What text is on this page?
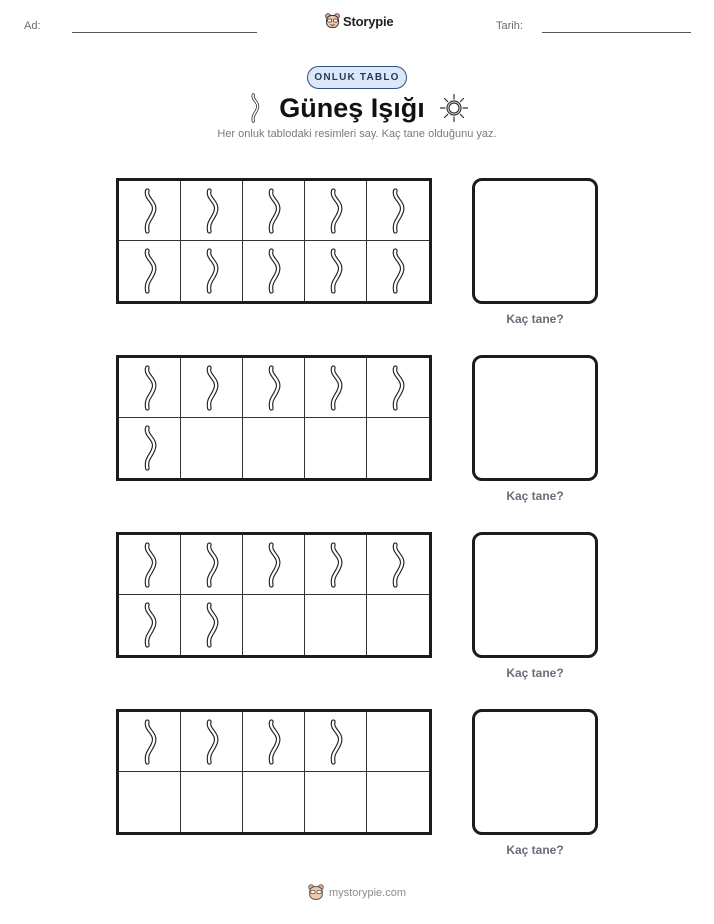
Ad:	Storypie	Tarih:
ONLUK TABLO
Güneş Işığı
Her onluk tablodaki resimleri say. Kaç tane olduğunu yaz.
Kaç tane?
Kaç tane?
Kaç tane?
Kaç tane?
mystorypie.com
